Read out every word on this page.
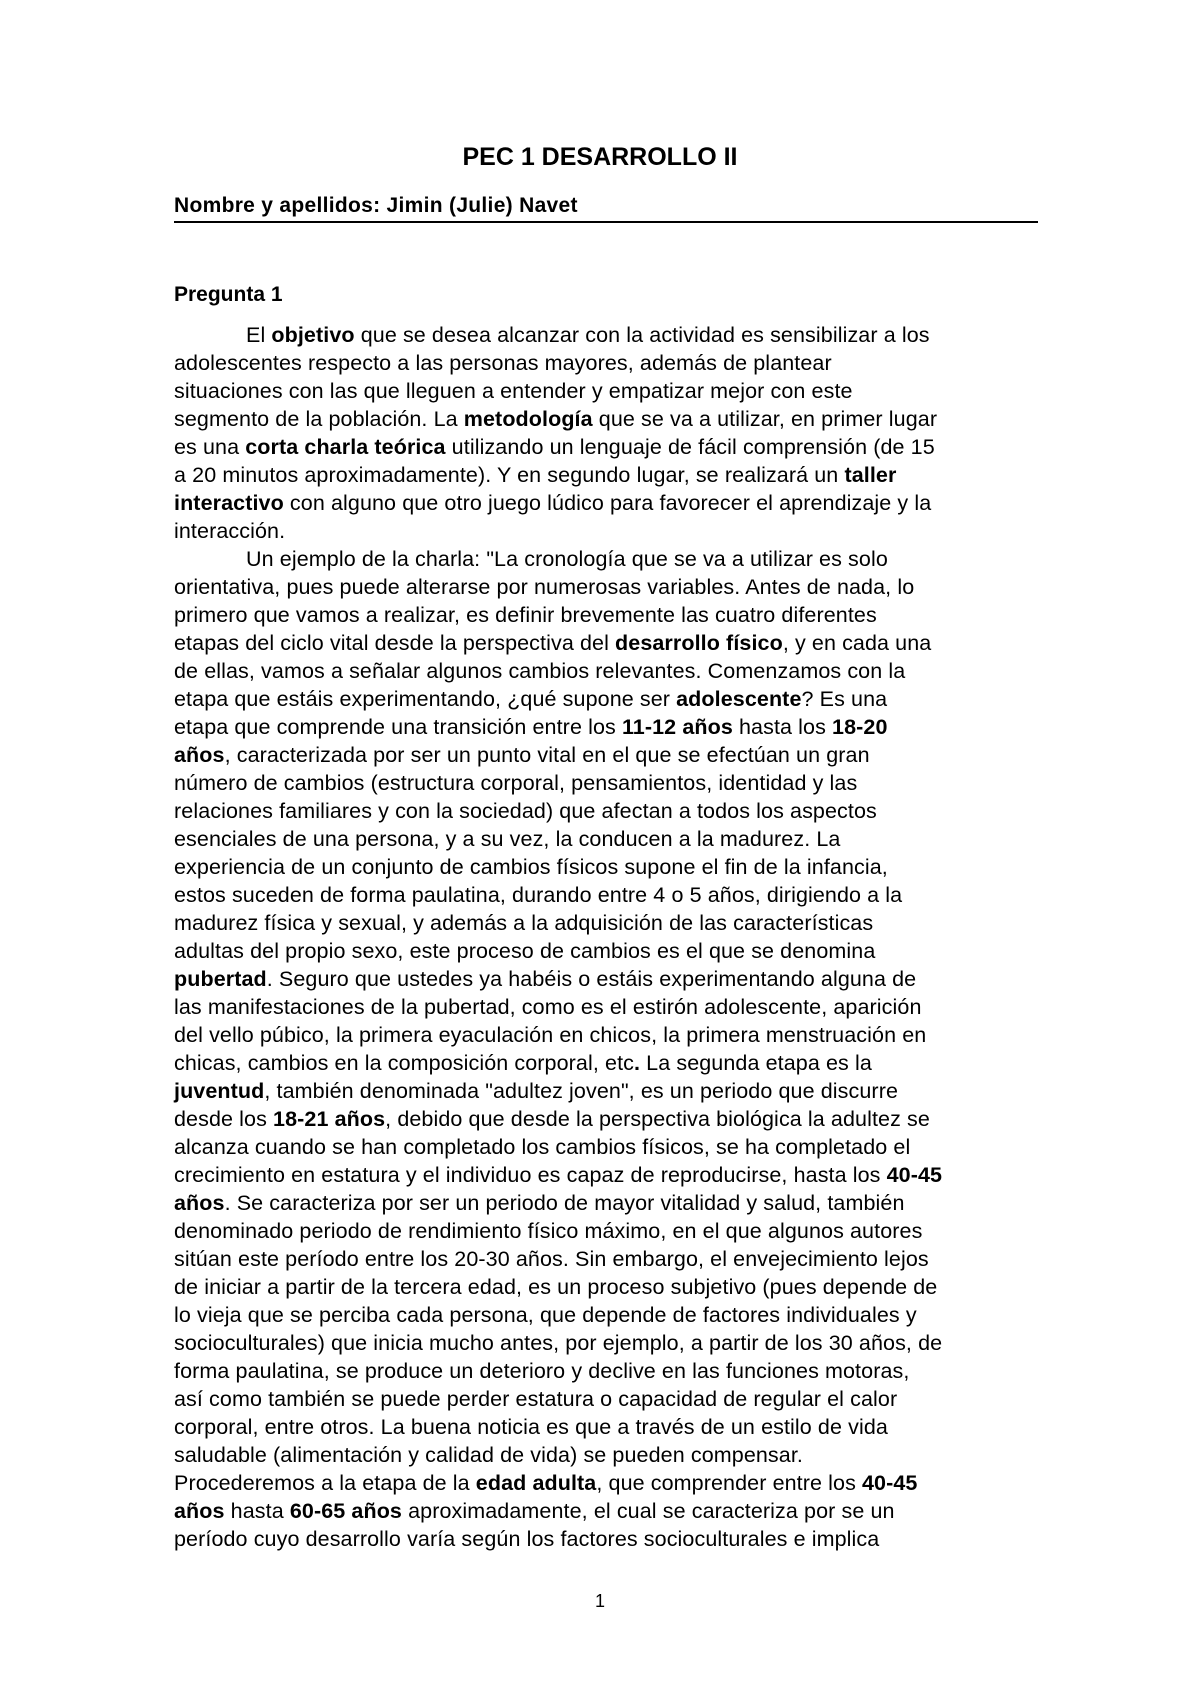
PEC 1 DESARROLLO II
Nombre y apellidos: Jimin (Julie) Navet
Pregunta 1
El objetivo que se desea alcanzar con la actividad es sensibilizar a los
adolescentes respecto a las personas mayores, además de plantear
situaciones con las que lleguen a entender y empatizar mejor con este
segmento de la población. La metodología que se va a utilizar, en primer lugar
es una corta charla teórica utilizando un lenguaje de fácil comprensión (de 15
a 20 minutos aproximadamente). Y en segundo lugar, se realizará un taller
interactivo con alguno que otro juego lúdico para favorecer el aprendizaje y la
interacción.
Un ejemplo de la charla: "La cronología que se va a utilizar es solo
orientativa, pues puede alterarse por numerosas variables. Antes de nada, lo
primero que vamos a realizar, es definir brevemente las cuatro diferentes
etapas del ciclo vital desde la perspectiva del desarrollo físico, y en cada una
de ellas, vamos a señalar algunos cambios relevantes. Comenzamos con la
etapa que estáis experimentando, ¿qué supone ser adolescente? Es una
etapa que comprende una transición entre los 11-12 años hasta los 18-20
años, caracterizada por ser un punto vital en el que se efectúan un gran
número de cambios (estructura corporal, pensamientos, identidad y las
relaciones familiares y con la sociedad) que afectan a todos los aspectos
esenciales de una persona, y a su vez, la conducen a la madurez. La
experiencia de un conjunto de cambios físicos supone el fin de la infancia,
estos suceden de forma paulatina, durando entre 4 o 5 años, dirigiendo a la
madurez física y sexual, y además a la adquisición de las características
adultas del propio sexo, este proceso de cambios es el que se denomina
pubertad. Seguro que ustedes ya habéis o estáis experimentando alguna de
las manifestaciones de la pubertad, como es el estirón adolescente, aparición
del vello púbico, la primera eyaculación en chicos, la primera menstruación en
chicas, cambios en la composición corporal, etc. La segunda etapa es la
juventud, también denominada "adultez joven", es un periodo que discurre
desde los 18-21 años, debido que desde la perspectiva biológica la adultez se
alcanza cuando se han completado los cambios físicos, se ha completado el
crecimiento en estatura y el individuo es capaz de reproducirse, hasta los 40-45
años. Se caracteriza por ser un periodo de mayor vitalidad y salud, también
denominado periodo de rendimiento físico máximo, en el que algunos autores
sitúan este período entre los 20-30 años. Sin embargo, el envejecimiento lejos
de iniciar a partir de la tercera edad, es un proceso subjetivo (pues depende de
lo vieja que se perciba cada persona, que depende de factores individuales y
socioculturales) que inicia mucho antes, por ejemplo, a partir de los 30 años, de
forma paulatina, se produce un deterioro y declive en las funciones motoras,
así como también se puede perder estatura o capacidad de regular el calor
corporal, entre otros. La buena noticia es que a través de un estilo de vida
saludable (alimentación y calidad de vida) se pueden compensar.
Procederemos a la etapa de la edad adulta, que comprender entre los 40-45
años hasta 60-65 años aproximadamente, el cual se caracteriza por se un
período cuyo desarrollo varía según los factores socioculturales e implica
1
